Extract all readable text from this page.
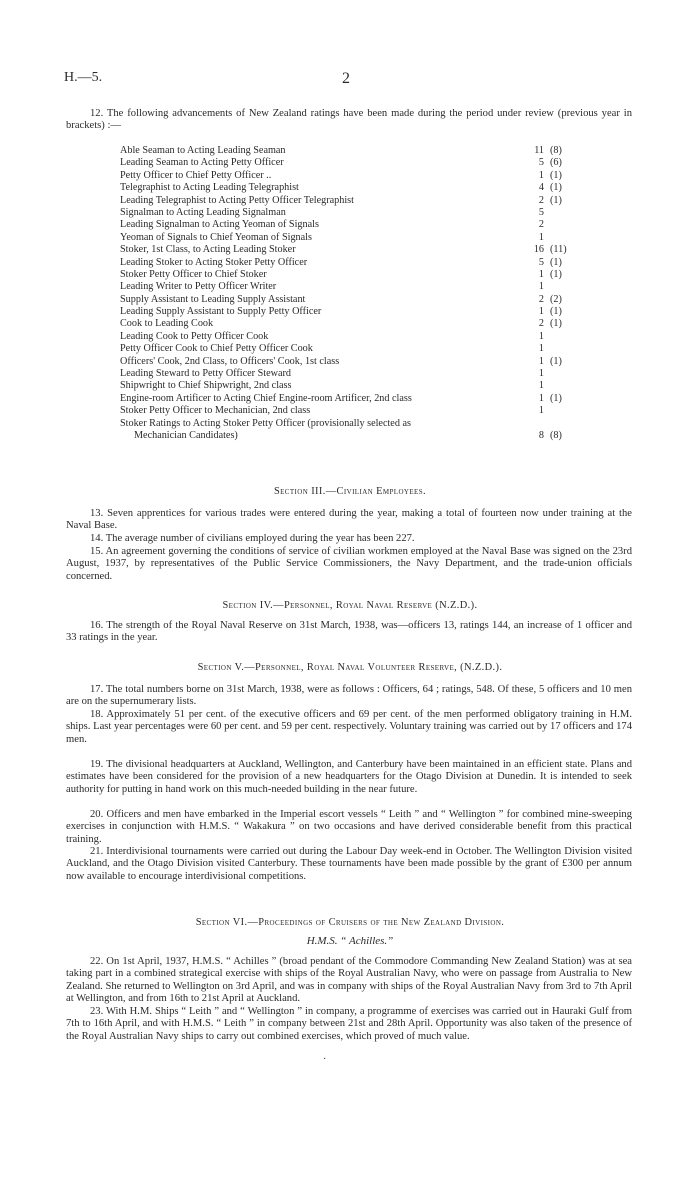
H.—5.	2
12. The following advancements of New Zealand ratings have been made during the period under review (previous year in brackets) :—
Able Seaman to Acting Leading Seaman	11 (8)
Leading Seaman to Acting Petty Officer	5 (6)
Petty Officer to Chief Petty Officer ..	1 (1)
Telegraphist to Acting Leading Telegraphist	4 (1)
Leading Telegraphist to Acting Petty Officer Telegraphist	2 (1)
Signalman to Acting Leading Signalman	5
Leading Signalman to Acting Yeoman of Signals	2
Yeoman of Signals to Chief Yeoman of Signals	1
Stoker, 1st Class, to Acting Leading Stoker	16 (11)
Leading Stoker to Acting Stoker Petty Officer	5 (1)
Stoker Petty Officer to Chief Stoker	1 (1)
Leading Writer to Petty Officer Writer	1
Supply Assistant to Leading Supply Assistant	2 (2)
Leading Supply Assistant to Supply Petty Officer	1 (1)
Cook to Leading Cook	2 (1)
Leading Cook to Petty Officer Cook	1
Petty Officer Cook to Chief Petty Officer Cook	1
Officers' Cook, 2nd Class, to Officers' Cook, 1st class	1 (1)
Leading Steward to Petty Officer Steward	1
Shipwright to Chief Shipwright, 2nd class	1
Engine-room Artificer to Acting Chief Engine-room Artificer, 2nd class	1 (1)
Stoker Petty Officer to Mechanician, 2nd class	1
Stoker Ratings to Acting Stoker Petty Officer (provisionally selected as
Mechanician Candidates)	8 (8)
Section III.—Civilian Employees.
13. Seven apprentices for various trades were entered during the year, making a total of fourteen now under training at the Naval Base.
14. The average number of civilians employed during the year has been 227.
15. An agreement governing the conditions of service of civilian workmen employed at the Naval Base was signed on the 23rd August, 1937, by representatives of the Public Service Commissioners, the Navy Department, and the trade-union officials concerned.
Section IV.—Personnel, Royal Naval Reserve (N.Z.D.).
16. The strength of the Royal Naval Reserve on 31st March, 1938, was—officers 13, ratings 144, an increase of 1 officer and 33 ratings in the year.
Section V.—Personnel, Royal Naval Volunteer Reserve, (N.Z.D.).
17. The total numbers borne on 31st March, 1938, were as follows : Officers, 64 ; ratings, 548. Of these, 5 officers and 10 men are on the supernumerary lists.
18. Approximately 51 per cent. of the executive officers and 69 per cent. of the men performed obligatory training in H.M. ships. Last year percentages were 60 per cent. and 59 per cent. respectively. Voluntary training was carried out by 17 officers and 174 men.
19. The divisional headquarters at Auckland, Wellington, and Canterbury have been maintained in an efficient state. Plans and estimates have been considered for the provision of a new headquarters for the Otago Division at Dunedin. It is intended to seek authority for putting in hand work on this much-needed building in the near future.
20. Officers and men have embarked in the Imperial escort vessels “ Leith ” and “ Wellington ” for combined mine-sweeping exercises in conjunction with H.M.S. “ Wakakura ” on two occasions and have derived considerable benefit from this practical training.
21. Interdivisional tournaments were carried out during the Labour Day week-end in October. The Wellington Division visited Auckland, and the Otago Division visited Canterbury. These tournaments have been made possible by the grant of £300 per annum now available to encourage interdivisional competitions.
Section VI.—Proceedings of Cruisers of the New Zealand Division.
H.M.S. “ Achilles.”
22. On 1st April, 1937, H.M.S. “ Achilles ” (broad pendant of the Commodore Commanding New Zealand Station) was at sea taking part in a combined strategical exercise with ships of the Royal Australian Navy, who were on passage from Australia to New Zealand. She returned to Wellington on 3rd April, and was in company with ships of the Royal Australian Navy from 3rd to 7th April at Wellington, and from 16th to 21st April at Auckland.
23. With H.M. Ships “ Leith ” and “ Wellington ” in company, a programme of exercises was carried out in Hauraki Gulf from 7th to 16th April, and with H.M.S. “ Leith ” in company between 21st and 28th April. Opportunity was also taken of the presence of the Royal Australian Navy ships to carry out combined exercises, which proved of much value.
·
